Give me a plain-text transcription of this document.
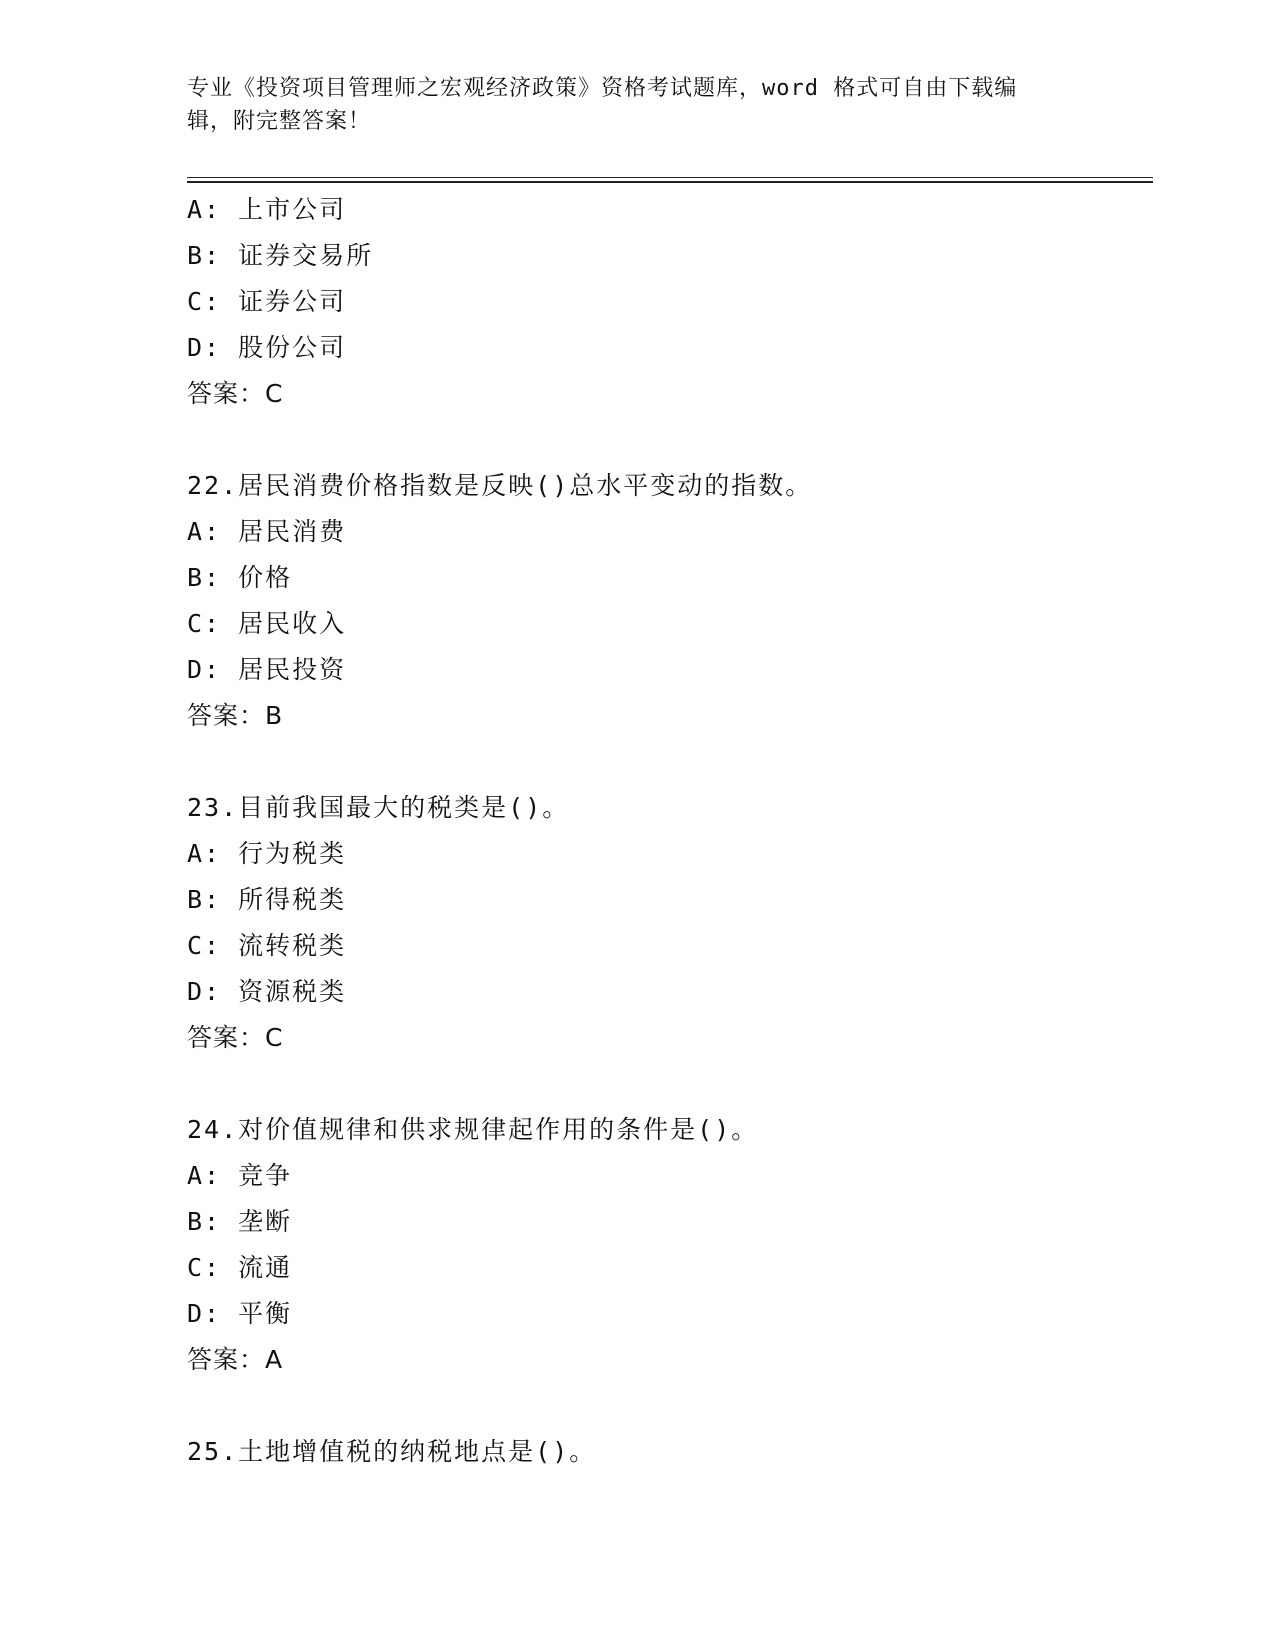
专业《投资项目管理师之宏观经济政策》资格考试题库，word 格式可自由下载编
辑，附完整答案！
A: 上市公司
B: 证券交易所
C: 证券公司
D: 股份公司
答案：C
22.居民消费价格指数是反映()总水平变动的指数。
A: 居民消费
B: 价格
C: 居民收入
D: 居民投资
答案：B
23.目前我国最大的税类是()。
A: 行为税类
B: 所得税类
C: 流转税类
D: 资源税类
答案：C
24.对价值规律和供求规律起作用的条件是()。
A: 竞争
B: 垄断
C: 流通
D: 平衡
答案：A
25.土地增值税的纳税地点是()。
